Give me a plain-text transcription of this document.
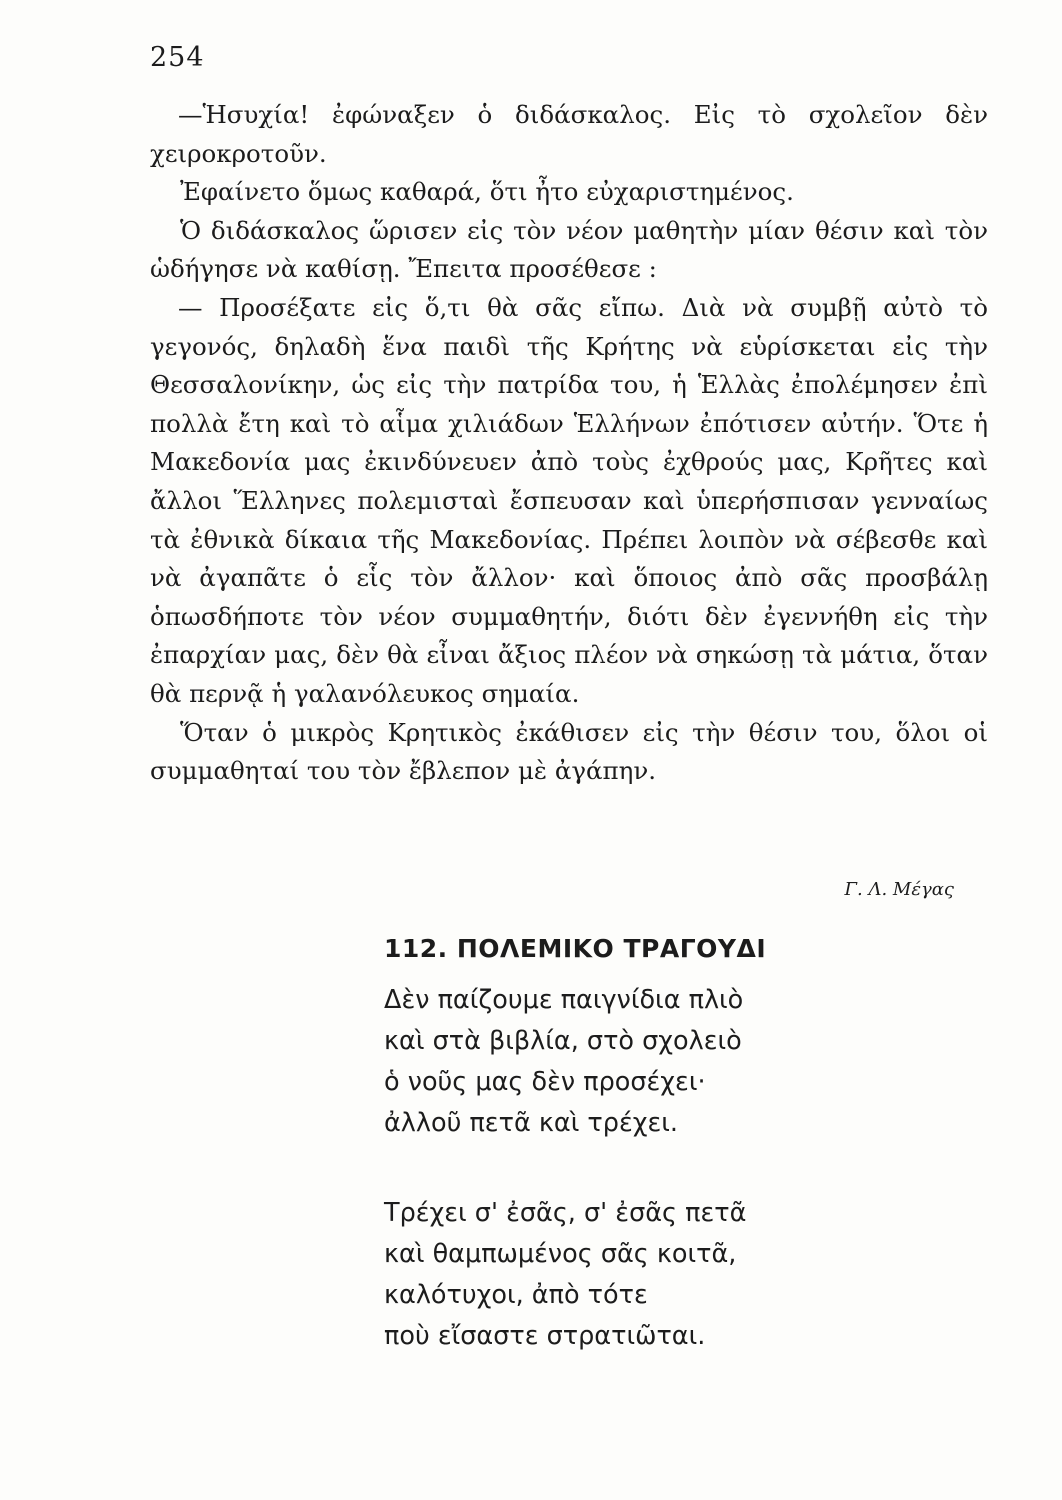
254

—Ἡσυχία! ἐφώναξεν ὁ διδάσκαλος. Εἰς τὸ σχολεῖον δὲν χειροκροτοῦν.

Ἐφαίνετο ὅμως καθαρά, ὅτι ἦτο εὐχαριστημένος.

Ὁ διδάσκαλος ὥρισεν εἰς τὸν νέον μαθητὴν μίαν θέσιν καὶ τὸν ὡδήγησε νὰ καθίσῃ. Ἔπειτα προσέθεσε :

— Προσέξατε εἰς ὅ,τι θὰ σᾶς εἴπω. Διὰ νὰ συμβῇ αὐτὸ τὸ γεγονός, δηλαδὴ ἕνα παιδὶ τῆς Κρήτης νὰ εὑρίσκεται εἰς τὴν Θεσσαλονίκην, ὡς εἰς τὴν πατρίδα του, ἡ Ἑλλὰς ἐπολέμησεν ἐπὶ πολλὰ ἔτη καὶ τὸ αἷμα χιλιάδων Ἑλλήνων ἐπότισεν αὐτήν. Ὅτε ἡ Μακεδονία μας ἐκινδύνευεν ἀπὸ τοὺς ἐχθρούς μας, Κρῆτες καὶ ἄλλοι Ἕλληνες πολεμισταὶ ἔσπευσαν καὶ ὑπερήσπισαν γενναίως τὰ ἐθνικὰ δίκαια τῆς Μακεδονίας. Πρέπει λοιπὸν νὰ σέβεσθε καὶ νὰ ἀγαπᾶτε ὁ εἷς τὸν ἄλλον· καὶ ὅποιος ἀπὸ σᾶς προσβάλῃ ὁπωσδήποτε τὸν νέον συμμαθητήν, διότι δὲν ἐγεννήθη εἰς τὴν ἐπαρχίαν μας, δὲν θὰ εἶναι ἄξιος πλέον νὰ σηκώσῃ τὰ μάτια, ὅταν θὰ περνᾷ ἡ γαλανόλευκος σημαία.

Ὅταν ὁ μικρὸς Κρητικὸς ἐκάθισεν εἰς τὴν θέσιν του, ὅλοι οἱ συμμαθηταί του τὸν ἔβλεπον μὲ ἀγάπην.

Γ. Λ. Μέγας
112. ΠΟΛΕΜΙΚΟ ΤΡΑΓΟΥΔΙ
Δὲν παίζουμε παιγνίδια πλιὸ
καὶ στὰ βιβλία, στὸ σχολειὸ
ὁ νοῦς μας δὲν προσέχει·
ἀλλοῦ πετᾶ καὶ τρέχει.
Τρέχει σ' ἐσᾶς, σ' ἐσᾶς πετᾶ
καὶ θαμπωμένος σᾶς κοιτᾶ,
καλότυχοι, ἀπὸ τότε
ποὺ εἴσαστε στρατιῶται.
